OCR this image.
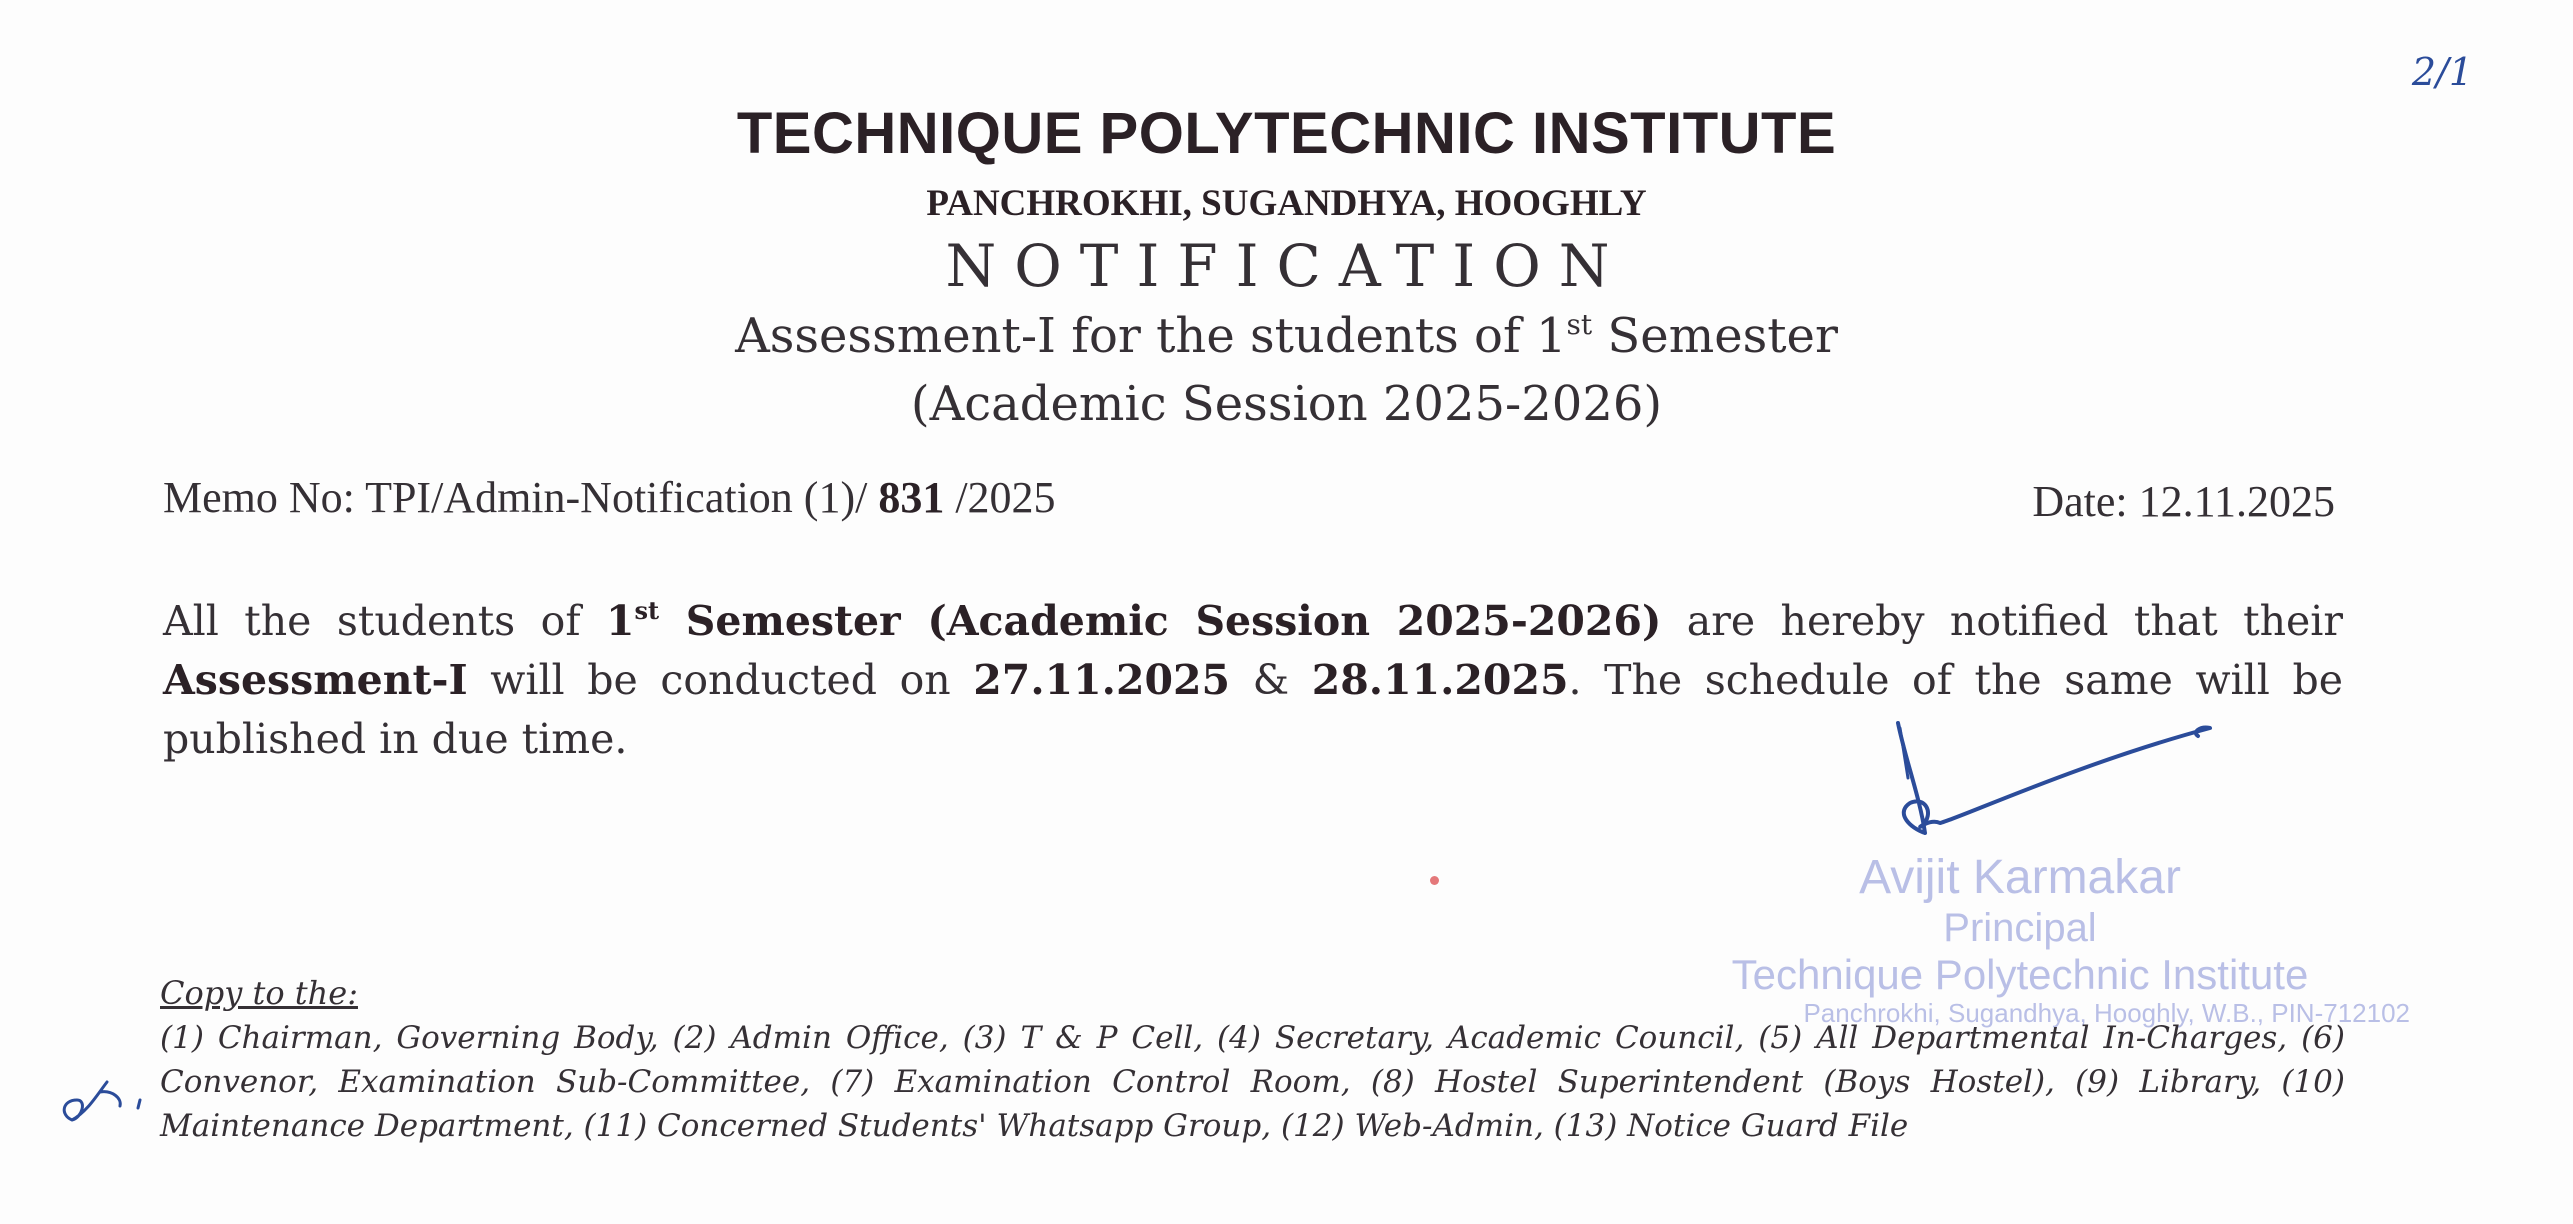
2/1
TECHNIQUE POLYTECHNIC INSTITUTE
PANCHROKHI, SUGANDHYA, HOOGHLY
NOTIFICATION
Assessment-I for the students of 1st Semester
(Academic Session 2025-2026)
Memo No: TPI/Admin-Notification (1)/ 831 /2025	Date: 12.11.2025
All the students of 1st Semester (Academic Session 2025-2026) are hereby notified that their Assessment-I will be conducted on 27.11.2025 & 28.11.2025. The schedule of the same will be published in due time.
Avijit Karmakar
Principal
Technique Polytechnic Institute
Panchrokhi, Sugandhya, Hooghly, W.B., PIN-712102
Copy to the:
(1) Chairman, Governing Body, (2) Admin Office, (3) T & P Cell, (4) Secretary, Academic Council, (5) All Departmental In-Charges, (6) Convenor, Examination Sub-Committee, (7) Examination Control Room, (8) Hostel Superintendent (Boys Hostel), (9) Library, (10) Maintenance Department, (11) Concerned Students' Whatsapp Group, (12) Web-Admin, (13) Notice Guard File
